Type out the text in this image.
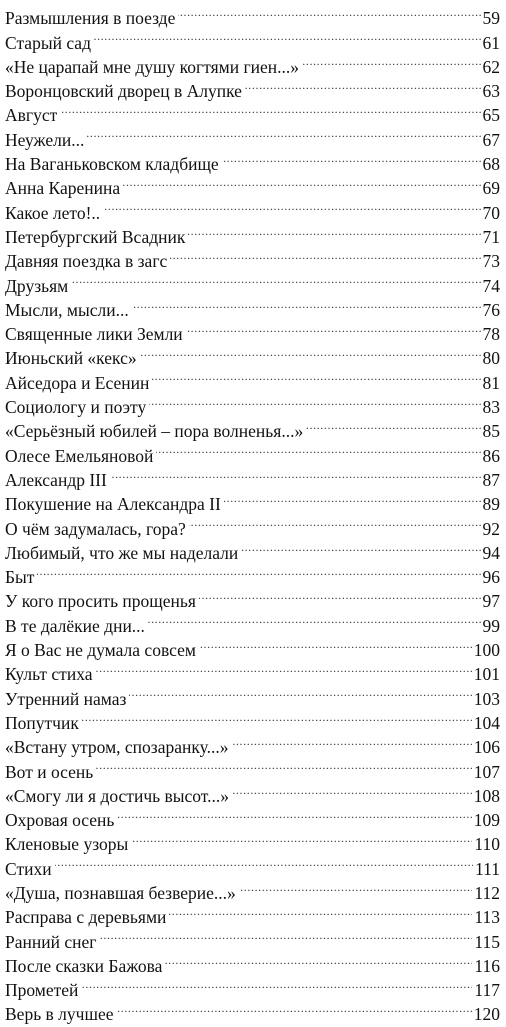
Размышления в поезде . . .	59
Старый сад . . .	61
«Не царапай мне душу когтями гиен...» . . .	62
Воронцовский дворец в Алупке . . .	63
Август . . .	65
Неужели... . . .	67
На Ваганьковском кладбище . . .	68
Анна Каренина . . .	69
Какое лето!.. . . .	70
Петербургский Всадник . . .	71
Давняя поездка в загс . . .	73
Друзьям . . .	74
Мысли, мысли... . . .	76
Священные лики Земли . . .	78
Июньский «кекс» . . .	80
Айседора и Есенин . . .	81
Социологу и поэту . . .	83
«Серьёзный юбилей – пора волненья...» . . .	85
Олесе Емельяновой . . .	86
Александр III . . .	87
Покушение на Александра II . . .	89
О чём задумалась, гора? . . .	92
Любимый, что же мы наделали . . .	94
Быт . . .	96
У кого просить прощенья . . .	97
В те далёкие дни... . . .	99
Я о Вас не думала совсем . . .	100
Культ стиха . . .	101
Утренний намаз . . .	103
Попутчик . . .	104
«Встану утром, спозаранку...» . . .	106
Вот и осень . . .	107
«Смогу ли я достичь высот...» . . .	108
Охровая осень . . .	109
Кленовые узоры . . .	110
Стихи . . .	111
«Душа, познавшая безверие...» . . .	112
Расправа с деревьями . . .	113
Ранний снег . . .	115
После сказки Бажова . . .	116
Прометей . . .	117
Верь в лучшее . . .	120
